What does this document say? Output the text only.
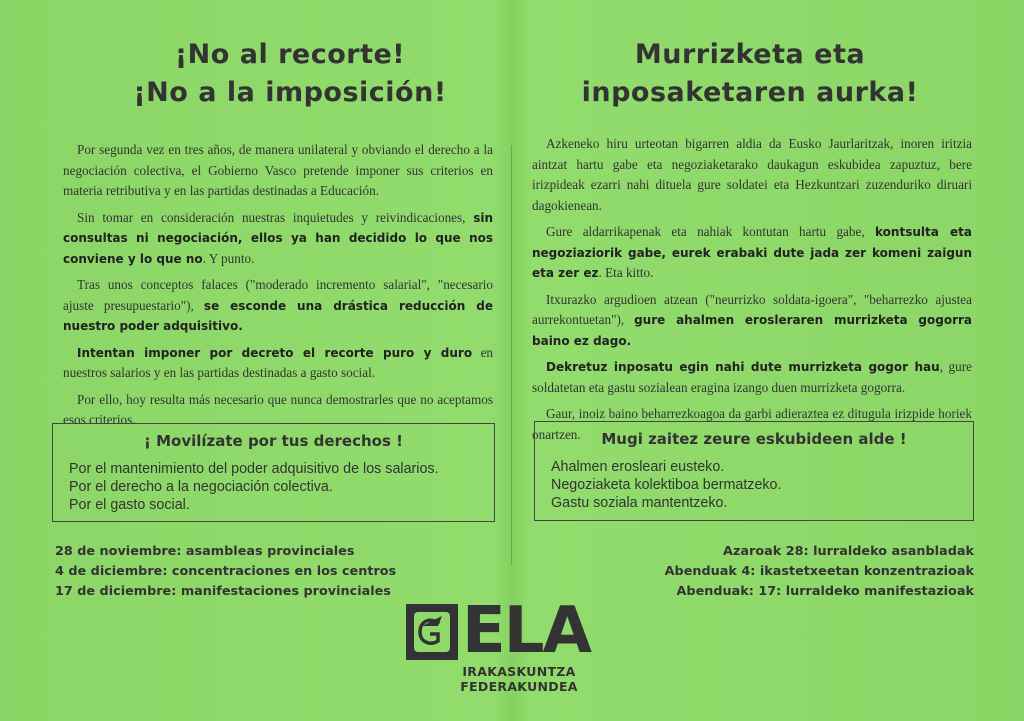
¡No al recorte!
¡No a la imposición!

Por segunda vez en tres años, de manera unilateral y obviando el derecho a la negociación colectiva, el Gobierno Vasco pretende imponer sus criterios en materia retributiva y en las partidas destinadas a Educación.

Sin tomar en consideración nuestras inquietudes y reivindicaciones, sin consultas ni negociación, ellos ya han decidido lo que nos conviene y lo que no. Y punto.

Tras unos conceptos falaces ("moderado incremento salarial", "necesario ajuste presupuestario"), se esconde una drástica reducción de nuestro poder adquisitivo.

Intentan imponer por decreto el recorte puro y duro en nuestros salarios y en las partidas destinadas a gasto social.

Por ello, hoy resulta más necesario que nunca demostrarles que no aceptamos esos criterios.

¡ Movilízate por tus derechos !
Por el mantenimiento del poder adquisitivo de los salarios.
Por el derecho a la negociación colectiva.
Por el gasto social.
28 de noviembre: asambleas provinciales
4 de diciembre: concentraciones en los centros
17 de diciembre: manifestaciones provinciales
Murrizketa eta
inposaketaren aurka!

Azkeneko hiru urteotan bigarren aldia da Eusko Jaurlaritzak, inoren iritzia aintzat hartu gabe eta negoziaketarako daukagun eskubidea zapuztuz, bere irizpideak ezarri nahi dituela gure soldatei eta Hezkuntzari zuzenduriko diruari dagokienean.

Gure aldarrikapenak eta nahiak kontutan hartu gabe, kontsulta eta negoziaziorik gabe, eurek erabaki dute jada zer komeni zaigun eta zer ez. Eta kitto.

Itxurazko argudioen atzean ("neurrizko soldata-igoera", "beharrezko ajustea aurrekontuetan"), gure ahalmen erosleraren murrizketa gogorra baino ez dago.

Dekretuz inposatu egin nahi dute murrizketa gogor hau, gure soldatetan eta gastu sozialean eragina izango duen murrizketa gogorra.

Gaur, inoiz baino beharrezkoagoa da garbi adieraztea ez ditugula irizpide horiek onartzen.	Mugi zaitez zeure eskubideen alde !
Ahalmen erosleari eusteko.
Negoziaketa kolektiboa bermatzeko.
Gastu soziala mantentzeko.
Azaroak 28: lurraldeko asanbladak
Abenduak 4: ikastetxeetan konzentrazioak
Abenduak: 17: lurraldeko manifestazioak
ELA
IRAKASKUNTZA FEDERAKUNDEA
